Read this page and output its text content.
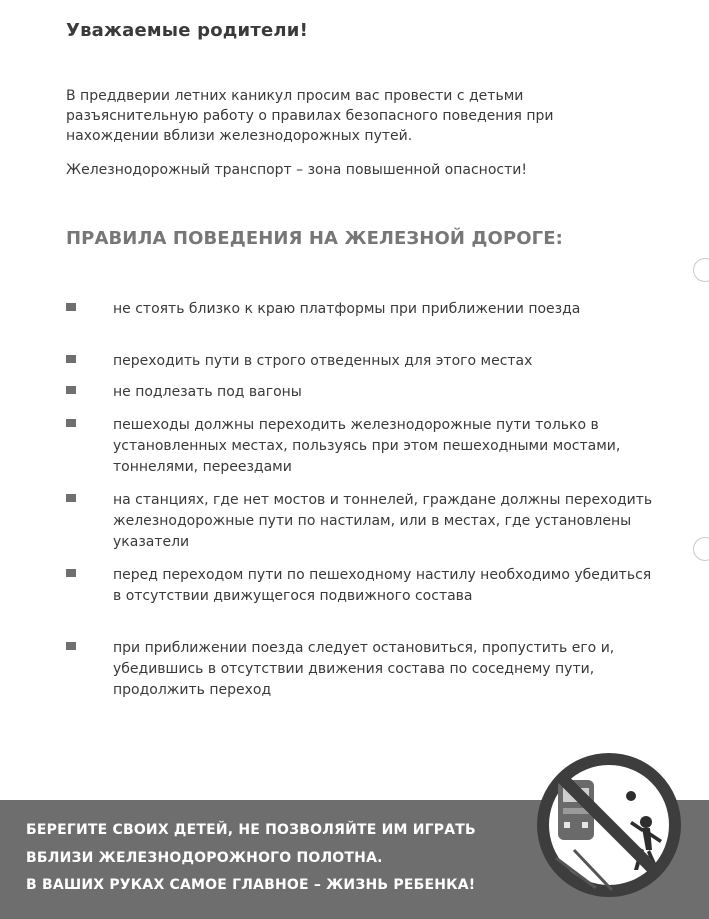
Уважаемые родители!

В преддверии летних каникул просим вас провести с детьми разъяснительную работу о правилах безопасного поведения при нахождении вблизи железнодорожных путей.

Железнодорожный транспорт – зона повышенной опасности!

ПРАВИЛА ПОВЕДЕНИЯ НА ЖЕЛЕЗНОЙ ДОРОГЕ:
не стоять близко к краю платформы при приближении поезда
переходить пути в строго отведенных для этого местах
не подлезать под вагоны
пешеходы должны переходить железнодорожные пути только в установленных местах, пользуясь при этом пешеходными мостами, тоннелями, переездами
на станциях, где нет мостов и тоннелей, граждане должны переходить железнодорожные пути по настилам, или в местах, где установлены указатели
перед переходом пути по пешеходному настилу необходимо убедиться в отсутствии движущегося подвижного состава
при приближении поезда следует остановиться, пропустить его и, убедившись в отсутствии движения состава по соседнему пути, продолжить переход

БЕРЕГИТЕ СВОИХ ДЕТЕЙ, НЕ ПОЗВОЛЯЙТЕ ИМ ИГРАТЬ

ВБЛИЗИ ЖЕЛЕЗНОДОРОЖНОГО ПОЛОТНА.

В ВАШИХ РУКАХ САМОЕ ГЛАВНОЕ – ЖИЗНЬ РЕБЕНКА!
